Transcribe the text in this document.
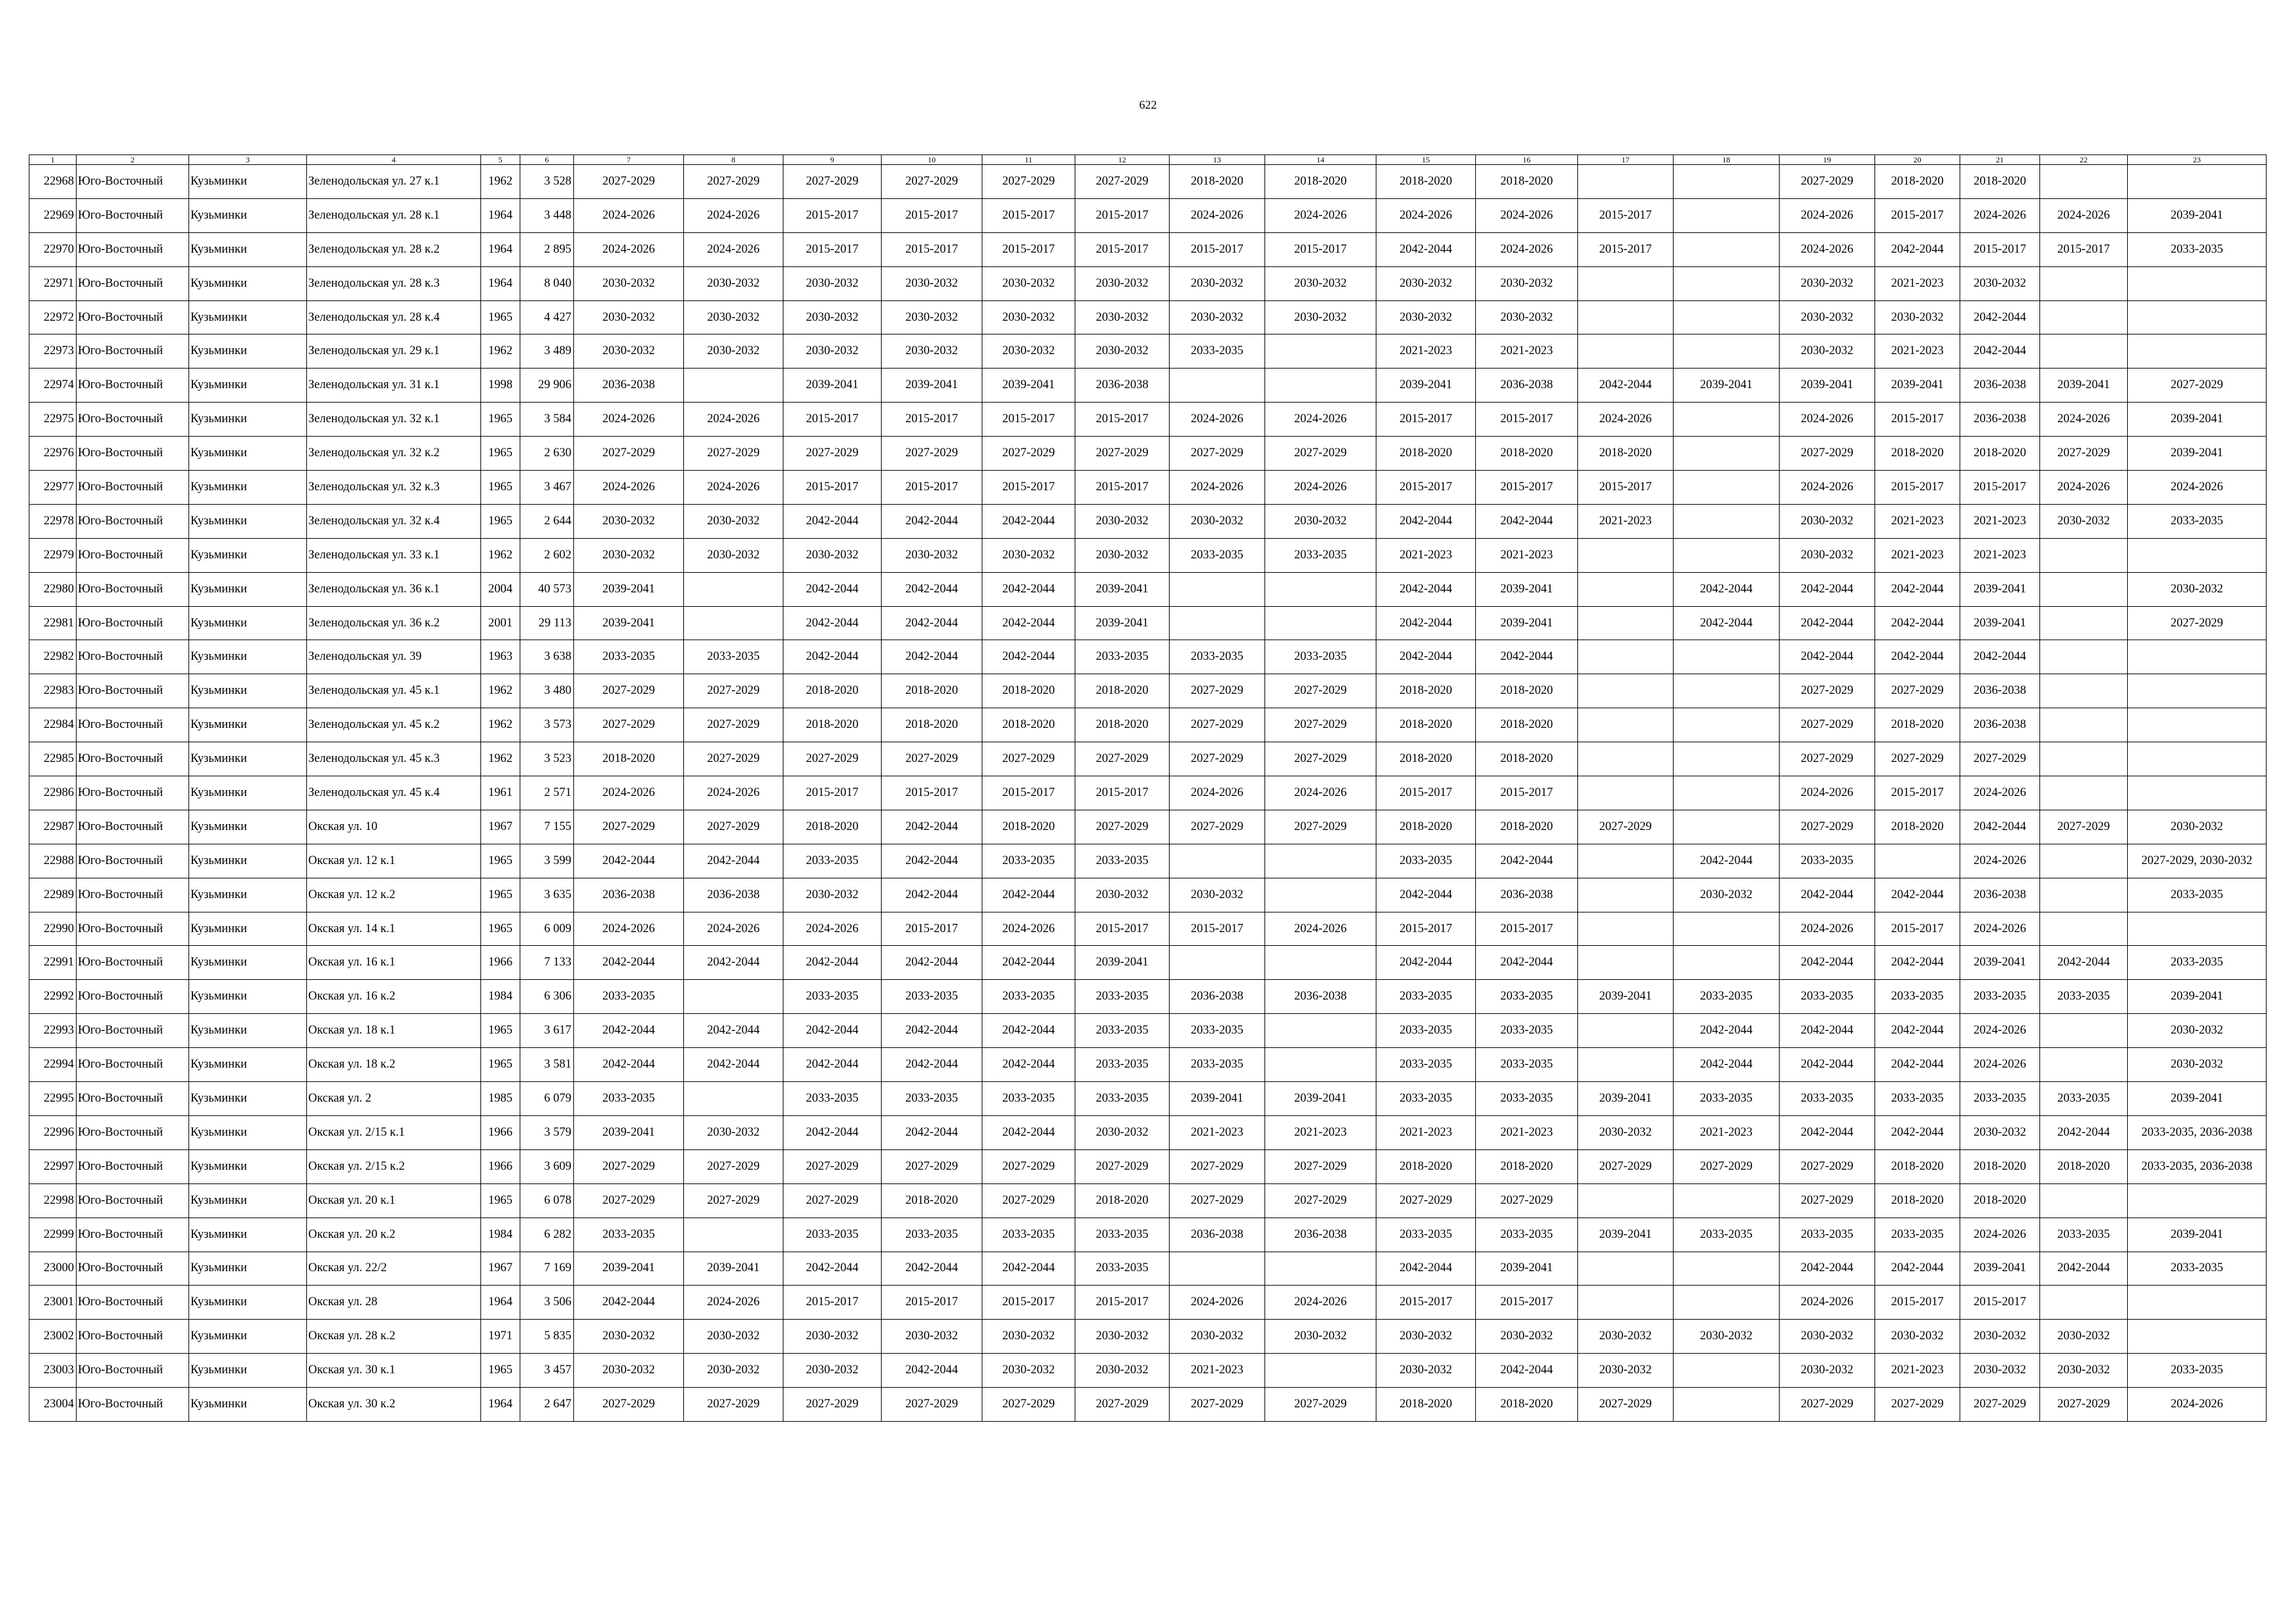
622
1	2	3	4	5	6	7	8	9	10	11	12	13	14	15	16	17	18	19	20	21	22	23
22968	Юго-Восточный	Кузьминки	Зеленодольская ул. 27 к.1	1962	3 528	2027-2029	2027-2029	2027-2029	2027-2029	2027-2029	2027-2029	2018-2020	2018-2020	2018-2020	2018-2020			2027-2029	2018-2020	2018-2020		
22969	Юго-Восточный	Кузьминки	Зеленодольская ул. 28 к.1	1964	3 448	2024-2026	2024-2026	2015-2017	2015-2017	2015-2017	2015-2017	2024-2026	2024-2026	2024-2026	2024-2026	2015-2017		2024-2026	2015-2017	2024-2026	2024-2026	2039-2041
22970	Юго-Восточный	Кузьминки	Зеленодольская ул. 28 к.2	1964	2 895	2024-2026	2024-2026	2015-2017	2015-2017	2015-2017	2015-2017	2015-2017	2015-2017	2042-2044	2024-2026	2015-2017		2024-2026	2042-2044	2015-2017	2015-2017	2033-2035
22971	Юго-Восточный	Кузьминки	Зеленодольская ул. 28 к.3	1964	8 040	2030-2032	2030-2032	2030-2032	2030-2032	2030-2032	2030-2032	2030-2032	2030-2032	2030-2032	2030-2032			2030-2032	2021-2023	2030-2032		
22972	Юго-Восточный	Кузьминки	Зеленодольская ул. 28 к.4	1965	4 427	2030-2032	2030-2032	2030-2032	2030-2032	2030-2032	2030-2032	2030-2032	2030-2032	2030-2032	2030-2032			2030-2032	2030-2032	2042-2044		
22973	Юго-Восточный	Кузьминки	Зеленодольская ул. 29 к.1	1962	3 489	2030-2032	2030-2032	2030-2032	2030-2032	2030-2032	2030-2032	2033-2035		2021-2023	2021-2023			2030-2032	2021-2023	2042-2044		
22974	Юго-Восточный	Кузьминки	Зеленодольская ул. 31 к.1	1998	29 906	2036-2038		2039-2041	2039-2041	2039-2041	2036-2038			2039-2041	2036-2038	2042-2044	2039-2041	2039-2041	2039-2041	2036-2038	2039-2041	2027-2029
22975	Юго-Восточный	Кузьминки	Зеленодольская ул. 32 к.1	1965	3 584	2024-2026	2024-2026	2015-2017	2015-2017	2015-2017	2015-2017	2024-2026	2024-2026	2015-2017	2015-2017	2024-2026		2024-2026	2015-2017	2036-2038	2024-2026	2039-2041
22976	Юго-Восточный	Кузьминки	Зеленодольская ул. 32 к.2	1965	2 630	2027-2029	2027-2029	2027-2029	2027-2029	2027-2029	2027-2029	2027-2029	2027-2029	2018-2020	2018-2020	2018-2020		2027-2029	2018-2020	2018-2020	2027-2029	2039-2041
22977	Юго-Восточный	Кузьминки	Зеленодольская ул. 32 к.3	1965	3 467	2024-2026	2024-2026	2015-2017	2015-2017	2015-2017	2015-2017	2024-2026	2024-2026	2015-2017	2015-2017	2015-2017		2024-2026	2015-2017	2015-2017	2024-2026	2024-2026
22978	Юго-Восточный	Кузьминки	Зеленодольская ул. 32 к.4	1965	2 644	2030-2032	2030-2032	2042-2044	2042-2044	2042-2044	2030-2032	2030-2032	2030-2032	2042-2044	2042-2044	2021-2023		2030-2032	2021-2023	2021-2023	2030-2032	2033-2035
22979	Юго-Восточный	Кузьминки	Зеленодольская ул. 33 к.1	1962	2 602	2030-2032	2030-2032	2030-2032	2030-2032	2030-2032	2030-2032	2033-2035	2033-2035	2021-2023	2021-2023			2030-2032	2021-2023	2021-2023		
22980	Юго-Восточный	Кузьминки	Зеленодольская ул. 36 к.1	2004	40 573	2039-2041		2042-2044	2042-2044	2042-2044	2039-2041			2042-2044	2039-2041		2042-2044	2042-2044	2042-2044	2039-2041		2030-2032
22981	Юго-Восточный	Кузьминки	Зеленодольская ул. 36 к.2	2001	29 113	2039-2041		2042-2044	2042-2044	2042-2044	2039-2041			2042-2044	2039-2041		2042-2044	2042-2044	2042-2044	2039-2041		2027-2029
22982	Юго-Восточный	Кузьминки	Зеленодольская ул. 39	1963	3 638	2033-2035	2033-2035	2042-2044	2042-2044	2042-2044	2033-2035	2033-2035	2033-2035	2042-2044	2042-2044			2042-2044	2042-2044	2042-2044		
22983	Юго-Восточный	Кузьминки	Зеленодольская ул. 45 к.1	1962	3 480	2027-2029	2027-2029	2018-2020	2018-2020	2018-2020	2018-2020	2027-2029	2027-2029	2018-2020	2018-2020			2027-2029	2027-2029	2036-2038		
22984	Юго-Восточный	Кузьминки	Зеленодольская ул. 45 к.2	1962	3 573	2027-2029	2027-2029	2018-2020	2018-2020	2018-2020	2018-2020	2027-2029	2027-2029	2018-2020	2018-2020			2027-2029	2018-2020	2036-2038		
22985	Юго-Восточный	Кузьминки	Зеленодольская ул. 45 к.3	1962	3 523	2018-2020	2027-2029	2027-2029	2027-2029	2027-2029	2027-2029	2027-2029	2027-2029	2018-2020	2018-2020			2027-2029	2027-2029	2027-2029		
22986	Юго-Восточный	Кузьминки	Зеленодольская ул. 45 к.4	1961	2 571	2024-2026	2024-2026	2015-2017	2015-2017	2015-2017	2015-2017	2024-2026	2024-2026	2015-2017	2015-2017			2024-2026	2015-2017	2024-2026		
22987	Юго-Восточный	Кузьминки	Окская ул. 10	1967	7 155	2027-2029	2027-2029	2018-2020	2042-2044	2018-2020	2027-2029	2027-2029	2027-2029	2018-2020	2018-2020	2027-2029		2027-2029	2018-2020	2042-2044	2027-2029	2030-2032
22988	Юго-Восточный	Кузьминки	Окская ул. 12 к.1	1965	3 599	2042-2044	2042-2044	2033-2035	2042-2044	2033-2035	2033-2035			2033-2035	2042-2044		2042-2044	2033-2035		2024-2026		2027-2029, 2030-2032
22989	Юго-Восточный	Кузьминки	Окская ул. 12 к.2	1965	3 635	2036-2038	2036-2038	2030-2032	2042-2044	2042-2044	2030-2032	2030-2032		2042-2044	2036-2038		2030-2032	2042-2044	2042-2044	2036-2038		2033-2035
22990	Юго-Восточный	Кузьминки	Окская ул. 14 к.1	1965	6 009	2024-2026	2024-2026	2024-2026	2015-2017	2024-2026	2015-2017	2015-2017	2024-2026	2015-2017	2015-2017			2024-2026	2015-2017	2024-2026		
22991	Юго-Восточный	Кузьминки	Окская ул. 16 к.1	1966	7 133	2042-2044	2042-2044	2042-2044	2042-2044	2042-2044	2039-2041			2042-2044	2042-2044			2042-2044	2042-2044	2039-2041	2042-2044	2033-2035
22992	Юго-Восточный	Кузьминки	Окская ул. 16 к.2	1984	6 306	2033-2035		2033-2035	2033-2035	2033-2035	2033-2035	2036-2038	2036-2038	2033-2035	2033-2035	2039-2041	2033-2035	2033-2035	2033-2035	2033-2035	2033-2035	2039-2041
22993	Юго-Восточный	Кузьминки	Окская ул. 18 к.1	1965	3 617	2042-2044	2042-2044	2042-2044	2042-2044	2042-2044	2033-2035	2033-2035		2033-2035	2033-2035		2042-2044	2042-2044	2042-2044	2024-2026		2030-2032
22994	Юго-Восточный	Кузьминки	Окская ул. 18 к.2	1965	3 581	2042-2044	2042-2044	2042-2044	2042-2044	2042-2044	2033-2035	2033-2035		2033-2035	2033-2035		2042-2044	2042-2044	2042-2044	2024-2026		2030-2032
22995	Юго-Восточный	Кузьминки	Окская ул. 2	1985	6 079	2033-2035		2033-2035	2033-2035	2033-2035	2033-2035	2039-2041	2039-2041	2033-2035	2033-2035	2039-2041	2033-2035	2033-2035	2033-2035	2033-2035	2033-2035	2039-2041
22996	Юго-Восточный	Кузьминки	Окская ул. 2/15 к.1	1966	3 579	2039-2041	2030-2032	2042-2044	2042-2044	2042-2044	2030-2032	2021-2023	2021-2023	2021-2023	2021-2023	2030-2032	2021-2023	2042-2044	2042-2044	2030-2032	2042-2044	2033-2035, 2036-2038
22997	Юго-Восточный	Кузьминки	Окская ул. 2/15 к.2	1966	3 609	2027-2029	2027-2029	2027-2029	2027-2029	2027-2029	2027-2029	2027-2029	2027-2029	2018-2020	2018-2020	2027-2029	2027-2029	2027-2029	2018-2020	2018-2020	2018-2020	2033-2035, 2036-2038
22998	Юго-Восточный	Кузьминки	Окская ул. 20 к.1	1965	6 078	2027-2029	2027-2029	2027-2029	2018-2020	2027-2029	2018-2020	2027-2029	2027-2029	2027-2029	2027-2029			2027-2029	2018-2020	2018-2020		
22999	Юго-Восточный	Кузьминки	Окская ул. 20 к.2	1984	6 282	2033-2035		2033-2035	2033-2035	2033-2035	2033-2035	2036-2038	2036-2038	2033-2035	2033-2035	2039-2041	2033-2035	2033-2035	2033-2035	2024-2026	2033-2035	2039-2041
23000	Юго-Восточный	Кузьминки	Окская ул. 22/2	1967	7 169	2039-2041	2039-2041	2042-2044	2042-2044	2042-2044	2033-2035			2042-2044	2039-2041			2042-2044	2042-2044	2039-2041	2042-2044	2033-2035
23001	Юго-Восточный	Кузьминки	Окская ул. 28	1964	3 506	2042-2044	2024-2026	2015-2017	2015-2017	2015-2017	2015-2017	2024-2026	2024-2026	2015-2017	2015-2017			2024-2026	2015-2017	2015-2017		
23002	Юго-Восточный	Кузьминки	Окская ул. 28 к.2	1971	5 835	2030-2032	2030-2032	2030-2032	2030-2032	2030-2032	2030-2032	2030-2032	2030-2032	2030-2032	2030-2032	2030-2032	2030-2032	2030-2032	2030-2032	2030-2032	2030-2032	
23003	Юго-Восточный	Кузьминки	Окская ул. 30 к.1	1965	3 457	2030-2032	2030-2032	2030-2032	2042-2044	2030-2032	2030-2032	2021-2023		2030-2032	2042-2044	2030-2032		2030-2032	2021-2023	2030-2032	2030-2032	2033-2035
23004	Юго-Восточный	Кузьминки	Окская ул. 30 к.2	1964	2 647	2027-2029	2027-2029	2027-2029	2027-2029	2027-2029	2027-2029	2027-2029	2027-2029	2018-2020	2018-2020	2027-2029		2027-2029	2027-2029	2027-2029	2027-2029	2024-2026
